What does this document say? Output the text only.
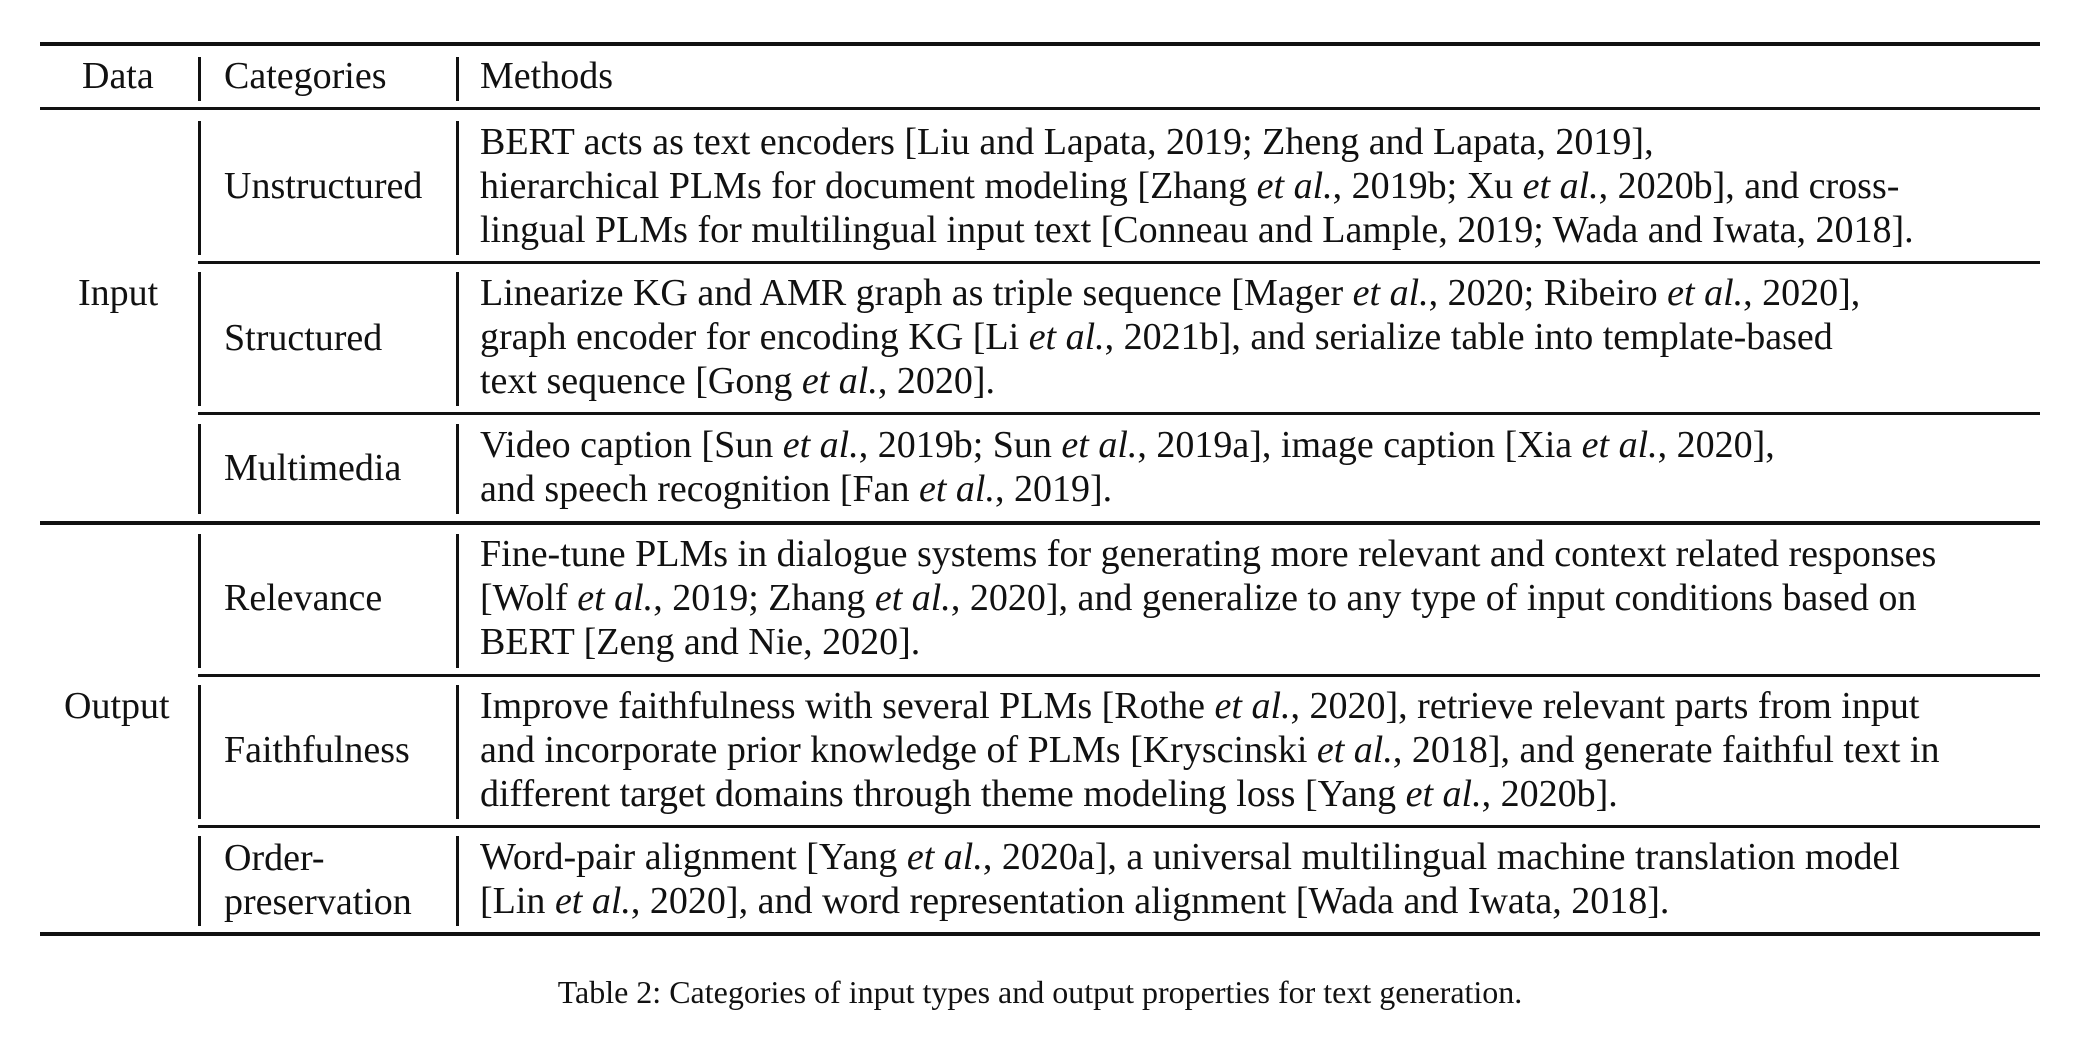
Data Categories Methods
Input
Output
Unstructured
Structured
Multimedia
Relevance
Faithfulness
Order-
preservation
BERT acts as text encoders [Liu and Lapata, 2019; Zheng and Lapata, 2019],
hierarchical PLMs for document modeling [Zhang et al., 2019b; Xu et al., 2020b], and cross-
lingual PLMs for multilingual input text [Conneau and Lample, 2019; Wada and Iwata, 2018].
Linearize KG and AMR graph as triple sequence [Mager et al., 2020; Ribeiro et al., 2020],
graph encoder for encoding KG [Li et al., 2021b], and serialize table into template-based
text sequence [Gong et al., 2020].
Video caption [Sun et al., 2019b; Sun et al., 2019a], image caption [Xia et al., 2020],
and speech recognition [Fan et al., 2019].
Fine-tune PLMs in dialogue systems for generating more relevant and context related responses
[Wolf et al., 2019; Zhang et al., 2020], and generalize to any type of input conditions based on
BERT [Zeng and Nie, 2020].
Improve faithfulness with several PLMs [Rothe et al., 2020], retrieve relevant parts from input
and incorporate prior knowledge of PLMs [Kryscinski et al., 2018], and generate faithful text in
different target domains through theme modeling loss [Yang et al., 2020b].
Word-pair alignment [Yang et al., 2020a], a universal multilingual machine translation model
[Lin et al., 2020], and word representation alignment [Wada and Iwata, 2018].
Table 2: Categories of input types and output properties for text generation.
